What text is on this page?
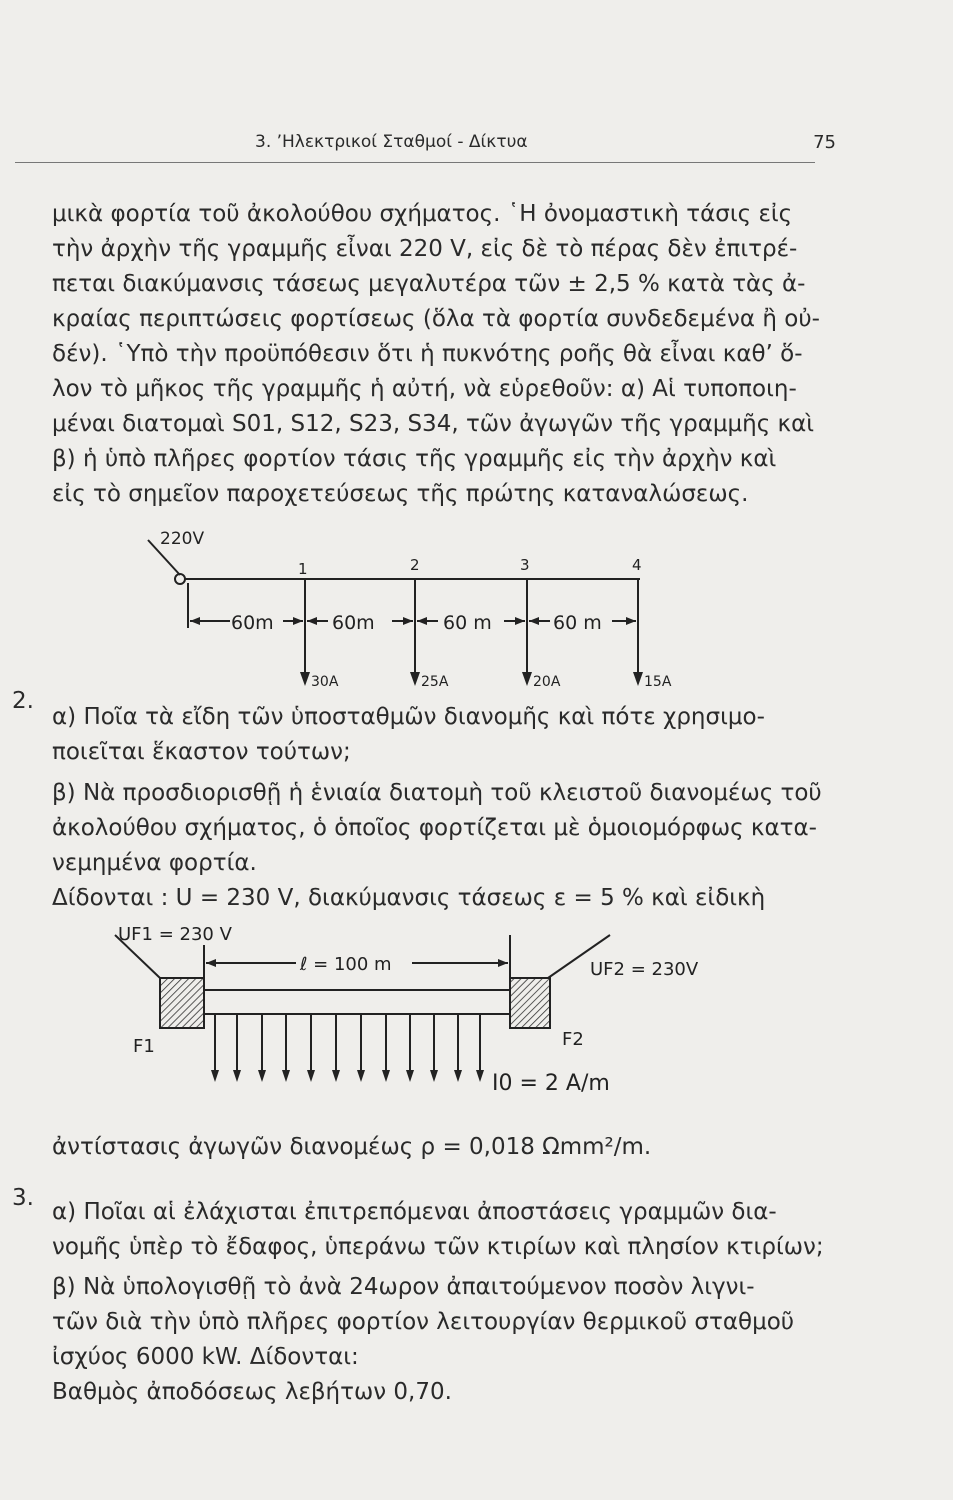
3. ’Ηλεκτρικοί Σταθμοί - Δίκτυα	75
μικὰ φορτία τοῦ ἀκολούθου σχήματος. ῾Η ὀνομαστικὴ τάσις εἰς
τὴν ἀρχὴν τῆς γραμμῆς εἶναι 220 V, εἰς δὲ τὸ πέρας δὲν ἐπιτρέ-
πεται διακύμανσις τάσεως μεγαλυτέρα τῶν ± 2,5 % κατὰ τὰς ἀ-
κραίας περιπτώσεις φορτίσεως (ὅλα τὰ φορτία συνδεδεμένα ἢ οὐ-
δέν). ῾Υπὸ τὴν προϋπόθεσιν ὅτι ἡ πυκνότης ροῆς θὰ εἶναι καθ’ ὅ-
λον τὸ μῆκος τῆς γραμμῆς ἡ αὐτή, νὰ εὑρεθοῦν: α) Αἱ τυποποιη-
μέναι διατομαὶ S01, S12, S23, S34, τῶν ἀγωγῶν τῆς γραμμῆς καὶ
β) ἡ ὑπὸ πλῆρες φορτίον τάσις τῆς γραμμῆς εἰς τὴν ἀρχὴν καὶ
εἰς τὸ σημεῖον παροχετεύσεως τῆς πρώτης καταναλώσεως.
220V
1	2	3	4
60m	60m	60 m	60 m
30A	25A	20A	15A
2.
α) Ποῖα τὰ εἴδη τῶν ὑποσταθμῶν διανομῆς καὶ πότε χρησιμο-
ποιεῖται ἕκαστον τούτων;
β) Νὰ προσδιορισθῇ ἡ ἑνιαία διατομὴ τοῦ κλειστοῦ διανομέως τοῦ
ἀκολούθου σχήματος, ὁ ὁποῖος φορτίζεται μὲ ὁμοιομόρφως κατα-
νεμημένα φορτία.
Δίδονται : U = 230 V, διακύμανσις τάσεως ε = 5 % καὶ εἰδικὴ
UF1 = 230 V
UF2 = 230V
ℓ = 100 m
F1	F2
I0 = 2 A/m
ἀντίστασις ἀγωγῶν διανομέως ρ = 0,018 Ωmm²/m.
3.
α) Ποῖαι αἱ ἐλάχισται ἐπιτρεπόμεναι ἀποστάσεις γραμμῶν δια-
νομῆς ὑπὲρ τὸ ἔδαφος, ὑπεράνω τῶν κτιρίων καὶ πλησίον κτιρίων;
β) Νὰ ὑπολογισθῇ τὸ ἀνὰ 24ωρον ἀπαιτούμενον ποσὸν λιγνι-
τῶν διὰ τὴν ὑπὸ πλῆρες φορτίον λειτουργίαν θερμικοῦ σταθμοῦ
ἰσχύος 6000 kW. Δίδονται:
Βαθμὸς ἀποδόσεως λεβήτων 0,70.
